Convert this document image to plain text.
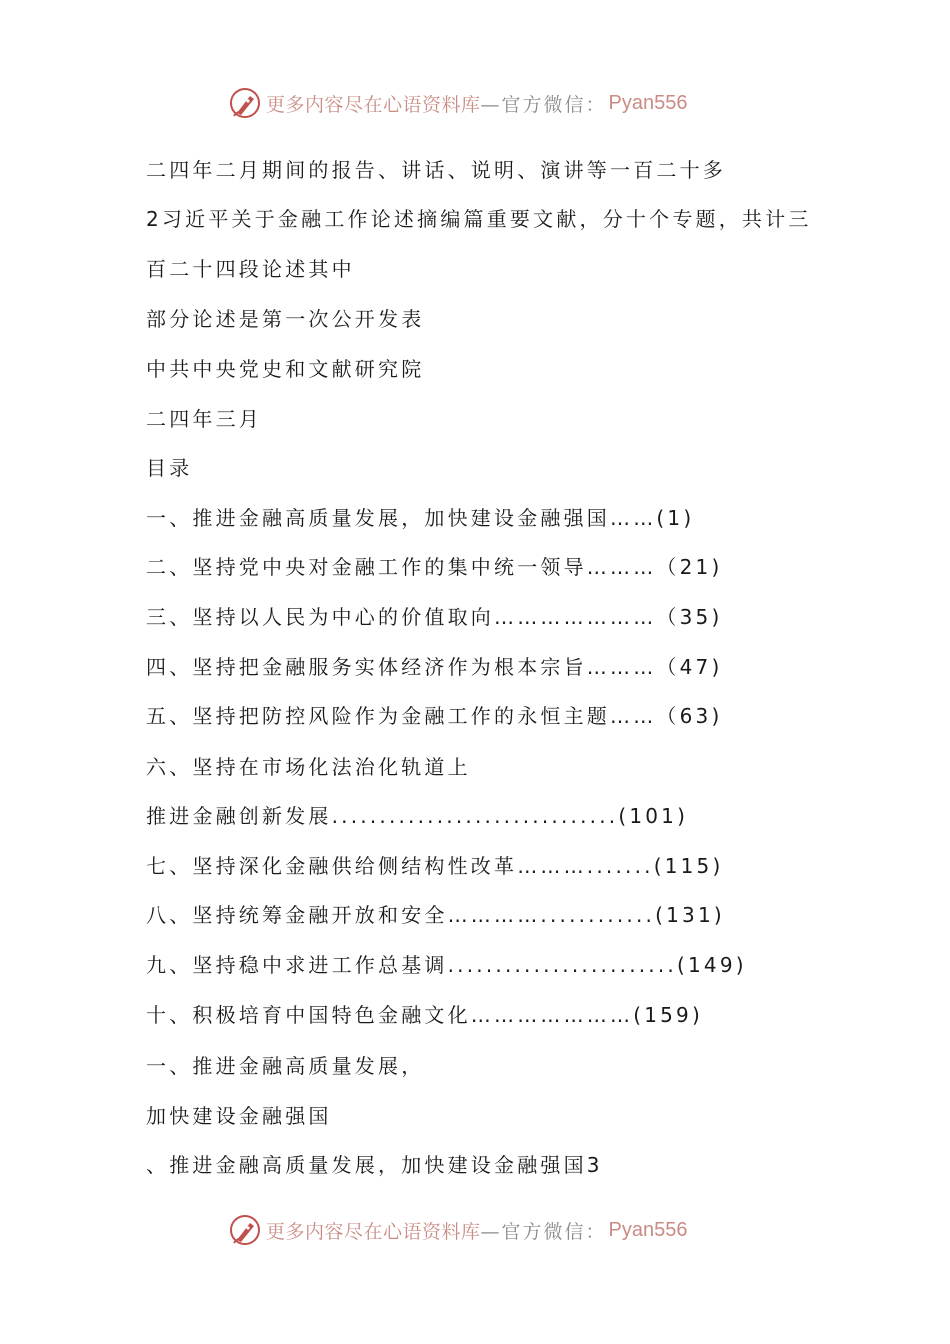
更多内容尽在心语资料库 —官方微信： Pyan556
二四年二月期间的报告、讲话、说明、演讲等一百二十多
2习近平关于金融工作论述摘编篇重要文献，分十个专题，共计三
百二十四段论述其中
部分论述是第一次公开发表
中共中央党史和文献研究院
二四年三月
目录
一、推进金融高质量发展，加快建设金融强国……(1)
二、坚持党中央对金融工作的集中统一领导………（21)
三、坚持以人民为中心的价值取向…………………（35)
四、坚持把金融服务实体经济作为根本宗旨………（47)
五、坚持把防控风险作为金融工作的永恒主题……（63)
六、坚持在市场化法治化轨道上
推进金融创新发展..............................(101)
七、坚持深化金融供给侧结构性改革……….......(115)
八、坚持统筹金融开放和安全…………............(131)
九、坚持稳中求进工作总基调........................(149)
十、积极培育中国特色金融文化…………………(159)
一、推进金融高质量发展，
加快建设金融强国
、推进金融高质量发展，加快建设金融强国3
更多内容尽在心语资料库 —官方微信： Pyan556
